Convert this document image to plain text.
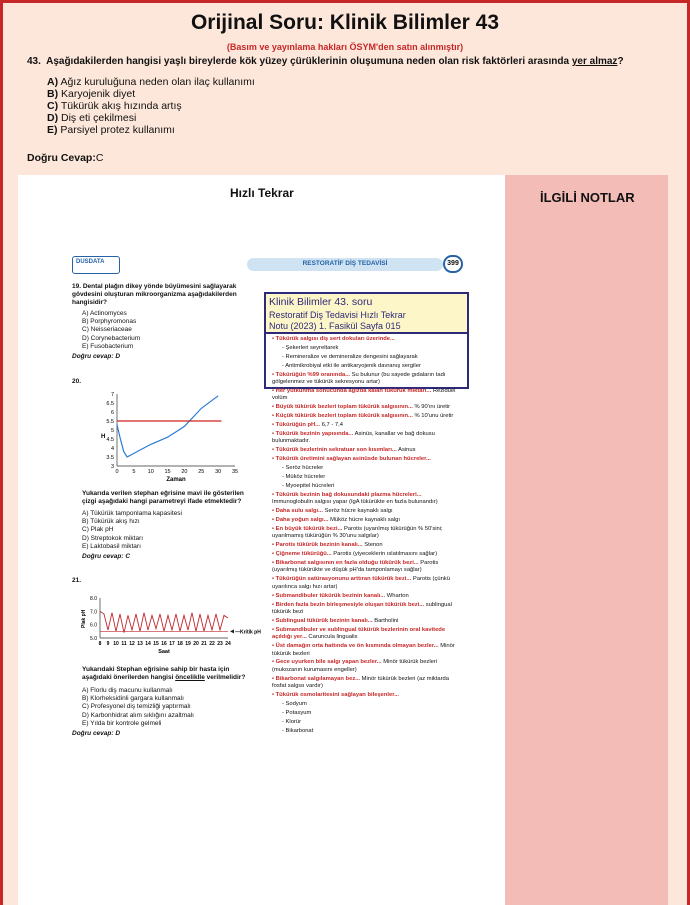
Orijinal Soru: Klinik Bilimler 43
(Basım ve yayınlama hakları ÖSYM'den satın alınmıştır)
43. Aşağıdakilerden hangisi yaşlı bireylerde kök yüzey çürüklerinin oluşumuna neden olan risk faktörleri arasında yer almaz?
A) Ağız kuruluğuna neden olan ilaç kullanımı
B) Karyojenik diyet
C) Tükürük akış hızında artış
D) Diş eti çekilmesi
E) Parsiyel protez kullanımı
Doğru Cevap:C
Hızlı Tekrar	İLGİLİ NOTLAR
DUSDATA	RESTORATİF DİŞ TEDAVİSİ	399
19. Dental plağın dikey yönde büyümesini sağlayarak gövdesini oluşturan mikroorganizma aşağıdakilerden hangisidir?
A) Actinomyces
B) Porphyromonas
C) Neisseriaceae
D) Corynebacterium
E) Fusobacterium
Doğru cevap: D
20.
3
3.5
4
4.5
5
5.5
6
6.5
7
0	5 10 15 20 25 30 35
Zaman
H
Yukarıda verilen stephan eğrisine mavi ile gösterilen çizgi aşağıdaki hangi parametreyi ifade etmektedir?
A) Tükürük tamponlama kapasitesi
B) Tükürük akış hızı
C) Plak pH
D) Streptokok miktarı
E) Laktobasil miktarı
Doğru cevap: C
21.
5.0
6.0
7.0
8.0
8 9 10 11 12 13 14 15 16 17 18 19 20 21 22 23 24
Saat
Plak pH
—Kritik pH
Yukarıdaki Stephan eğrisine sahip bir hasta için aşağıdaki önerilerden hangisi önceliklle verilmelidir?
A) Florlu diş macunu kullanmalı
B) Klorheksidinli gargara kullanmalı
C) Profesyonel diş temizliği yaptırmalı
D) Karbonhidrat alım sıklığını azaltmalı
E) Yılda bir kontrole gelmeli
Doğru cevap: D
• Tükürük salgısı diş sert dokuları üzerinde...
- Şekerleri seyreltarek
- Remineralize ve demineralize dengesini sağlayarak
- Antimikrobiyal etki ile antikaryojenik davranış sergiler
• Tükürüğün %99 oranında... Su bulunur (bu sayede gıdaların tadı gölgelenmez ve tükürük sekresyonu artar)
• Her yutkunma sonucunda ağızda kalan tükürük miktarı... Rezidüel volüm
• Büyük tükürük bezleri toplam tükürük salgısının... % 90'ını üretir
• Küçük tükürük bezleri toplam tükürük salgısının... % 10'unu üretir
• Tükürüğün pH... 6,7 - 7,4
• Tükürük bezinin yapısında... Asinüs, kanallar ve bağ dokusu bulunmaktadır.
• Tükürük bezlerinin sekratuar son kısımları... Asinus
• Tükürük üretimini sağlayan asinüsde bulunan hücreler...
- Seröz hücreler
- Müköz hücreler
- Myoepitel hücreleri
• Tükürük bezinin bağ dokusundaki plazma hücreleri... Immunoglobulin salgısı yapar (IgA tükürükte en fazla bulunandır)
• Daha sulu salgı... Seröz hücre kaynaklı salgı
• Daha yoğun salgı... Müköz hücre kaynaklı salgı
• En büyük tükürük bezi... Parotis (uyarılmış tükürüğün % 50'sini; uyarılmamış tükürüğün % 30'unu salgılar)
• Parotis tükürük bezinin kanalı... Stenon
• Çiğneme tükürüğü... Parotis (yiyeceklerin ıslatılmasını sağlar)
• Bikarbonat salgısının en fazla olduğu tükürük bezi... Parotis (uyarılmış tükürükte ve düşük pH'da tamponlamayı sağlar)
• Tükürüğün satürasyonunu arttıran tükürük bezi... Parotis (çünkü uyarılınca salgı hızı artar)
• Submandibuler tükürük bezinin kanalı... Wharton
• Birden fazla bezin birleşmesiyle oluşan tükürük bezi... sublingual tükürük bezi
• Sublingual tükürük bezinin kanalı... Bartholini
• Submandibuler ve sublingual tükürük bezlerinin oral kavitede açıldığı yer... Caruncula lingualis
• Üst damağın orta hattında ve ön kısmında olmayan bezler... Minör tükürük bezleri
• Gece uyurken bile salgı yapan bezler... Minör tükürük bezleri (mukozanın kurumasını engeller)
• Bikarbonat salgılamayan bez... Minör tükürük bezleri (az miktarda fosfat salgısı vardır)
• Tükürük osmolaritesini sağlayan bileşenler...
- Sodyum
- Potasyum
- Klorür
- Bikarbonat
Klinik Bilimler 43. soru
Restoratif Diş Tedavisi Hızlı Tekrar
Notu (2023) 1. Fasikül Sayfa 015
